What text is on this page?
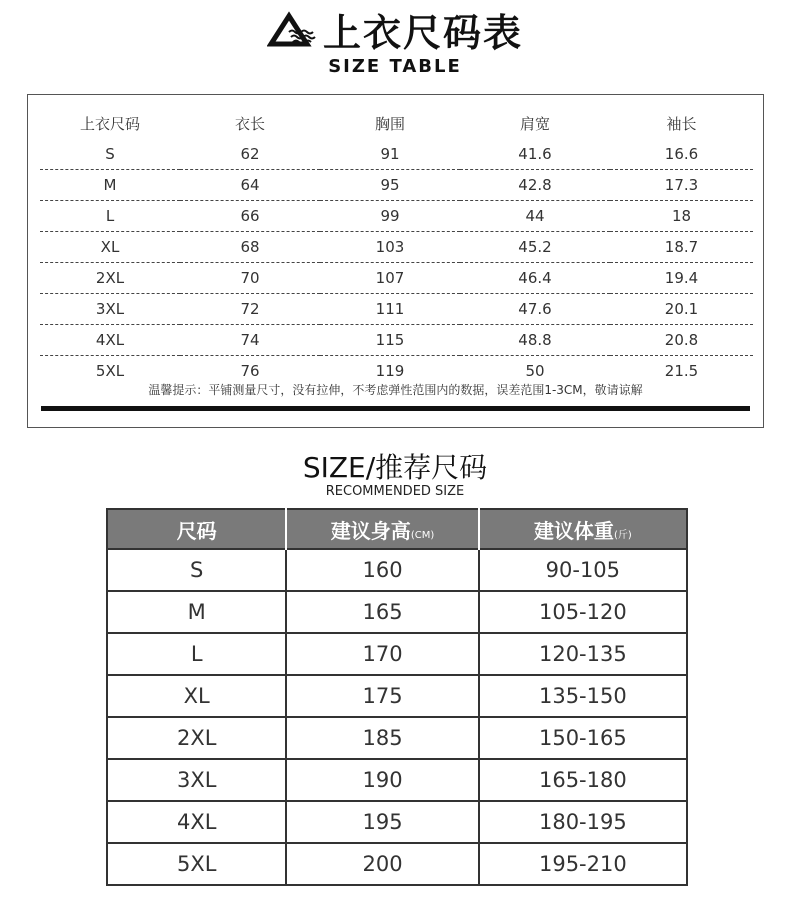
上衣尺码表
SIZE TABLE
上衣尺码	衣长	胸围	肩宽	袖长
S	62	91	41.6	16.6
M	64	95	42.8	17.3
L	66	99	44	18
XL	68	103	45.2	18.7
2XL	70	107	46.4	19.4
3XL	72	111	47.6	20.1
4XL	74	115	48.8	20.8
5XL	76	119	50	21.5
温馨提示：平铺测量尺寸，没有拉伸，不考虑弹性范围内的数据，误差范围1-3CM，敬请谅解
SIZE/推荐尺码
RECOMMENDED SIZE
尺码	建议身高(CM)	建议体重(斤)
S	160	90-105
M	165	105-120
L	170	120-135
XL	175	135-150
2XL	185	150-165
3XL	190	165-180
4XL	195	180-195
5XL	200	195-210
